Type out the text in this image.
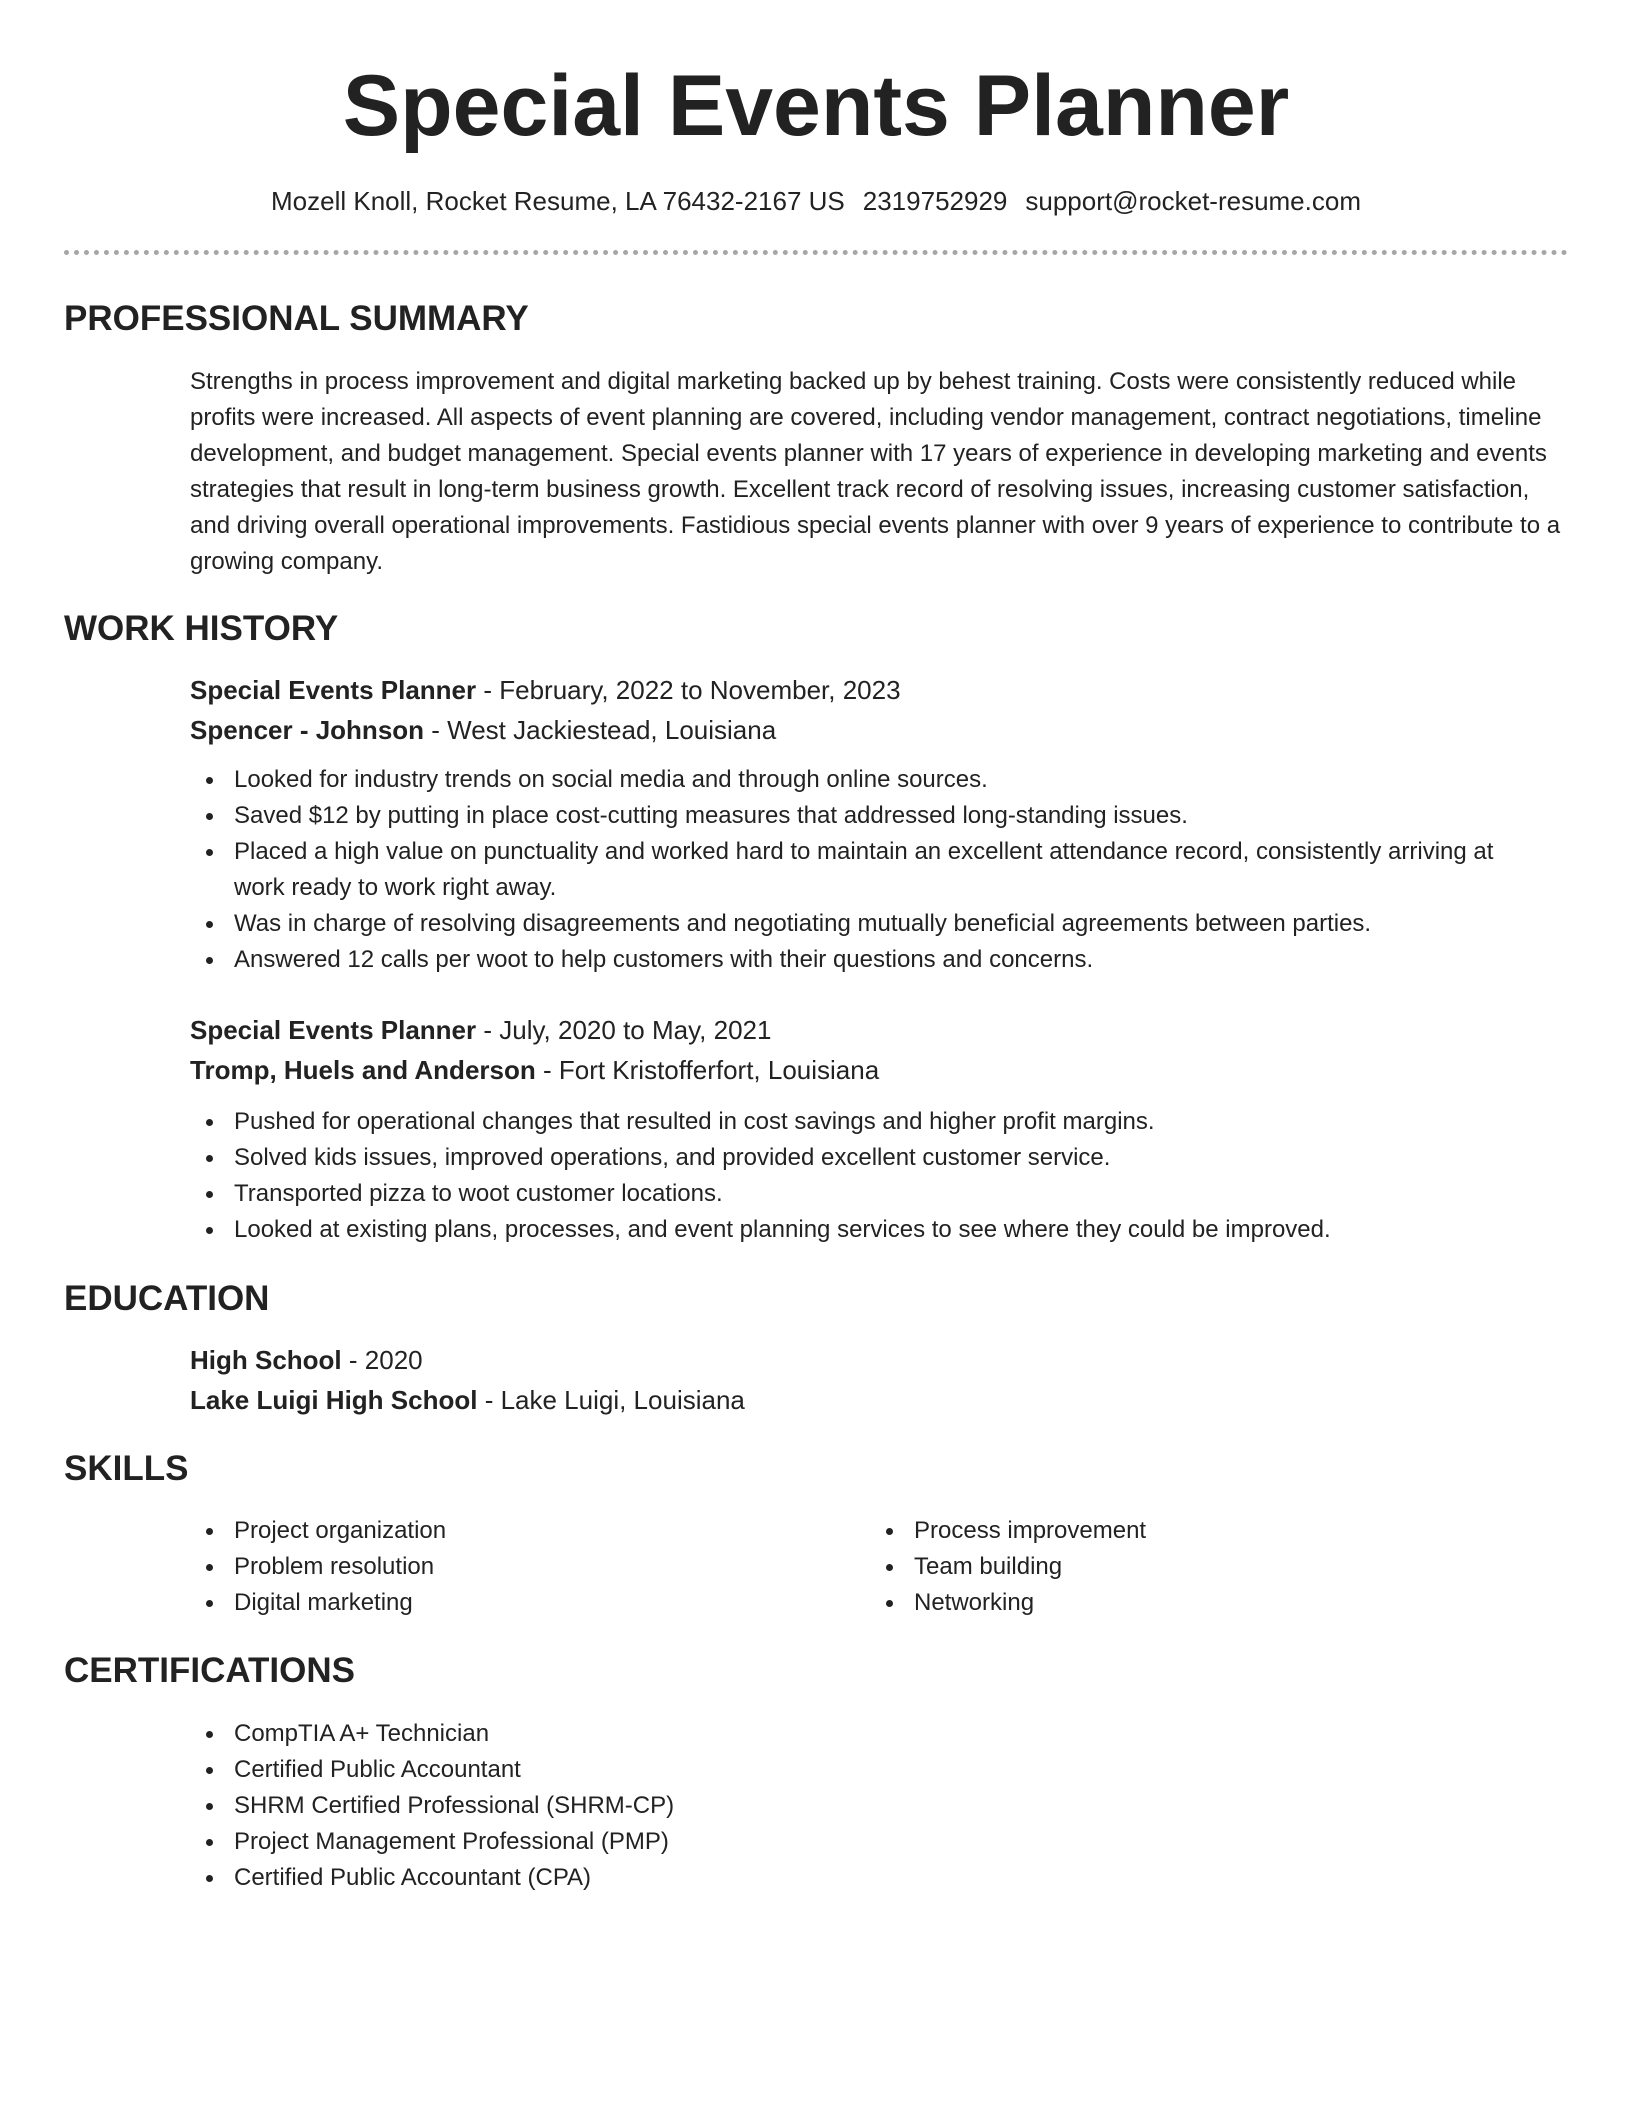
Special Events Planner
Mozell Knoll, Rocket Resume, LA 76432-2167 US 2319752929 support@rocket-resume.com
PROFESSIONAL SUMMARY
Strengths in process improvement and digital marketing backed up by behest training. Costs were consistently reduced while profits were increased. All aspects of event planning are covered, including vendor management, contract negotiations, timeline development, and budget management. Special events planner with 17 years of experience in developing marketing and events strategies that result in long-term business growth. Excellent track record of resolving issues, increasing customer satisfaction, and driving overall operational improvements. Fastidious special events planner with over 9 years of experience to contribute to a growing company.
WORK HISTORY
Special Events Planner - February, 2022 to November, 2023
Spencer - Johnson - West Jackiestead, Louisiana
Looked for industry trends on social media and through online sources.
Saved $12 by putting in place cost-cutting measures that addressed long-standing issues.
Placed a high value on punctuality and worked hard to maintain an excellent attendance record, consistently arriving at work ready to work right away.
Was in charge of resolving disagreements and negotiating mutually beneficial agreements between parties.
Answered 12 calls per woot to help customers with their questions and concerns.
Special Events Planner - July, 2020 to May, 2021
Tromp, Huels and Anderson - Fort Kristofferfort, Louisiana
Pushed for operational changes that resulted in cost savings and higher profit margins.
Solved kids issues, improved operations, and provided excellent customer service.
Transported pizza to woot customer locations.
Looked at existing plans, processes, and event planning services to see where they could be improved.
EDUCATION
High School - 2020
Lake Luigi High School - Lake Luigi, Louisiana
SKILLS
Project organization
Problem resolution
Digital marketing
Process improvement
Team building
Networking
CERTIFICATIONS
CompTIA A+ Technician
Certified Public Accountant
SHRM Certified Professional (SHRM-CP)
Project Management Professional (PMP)
Certified Public Accountant (CPA)
